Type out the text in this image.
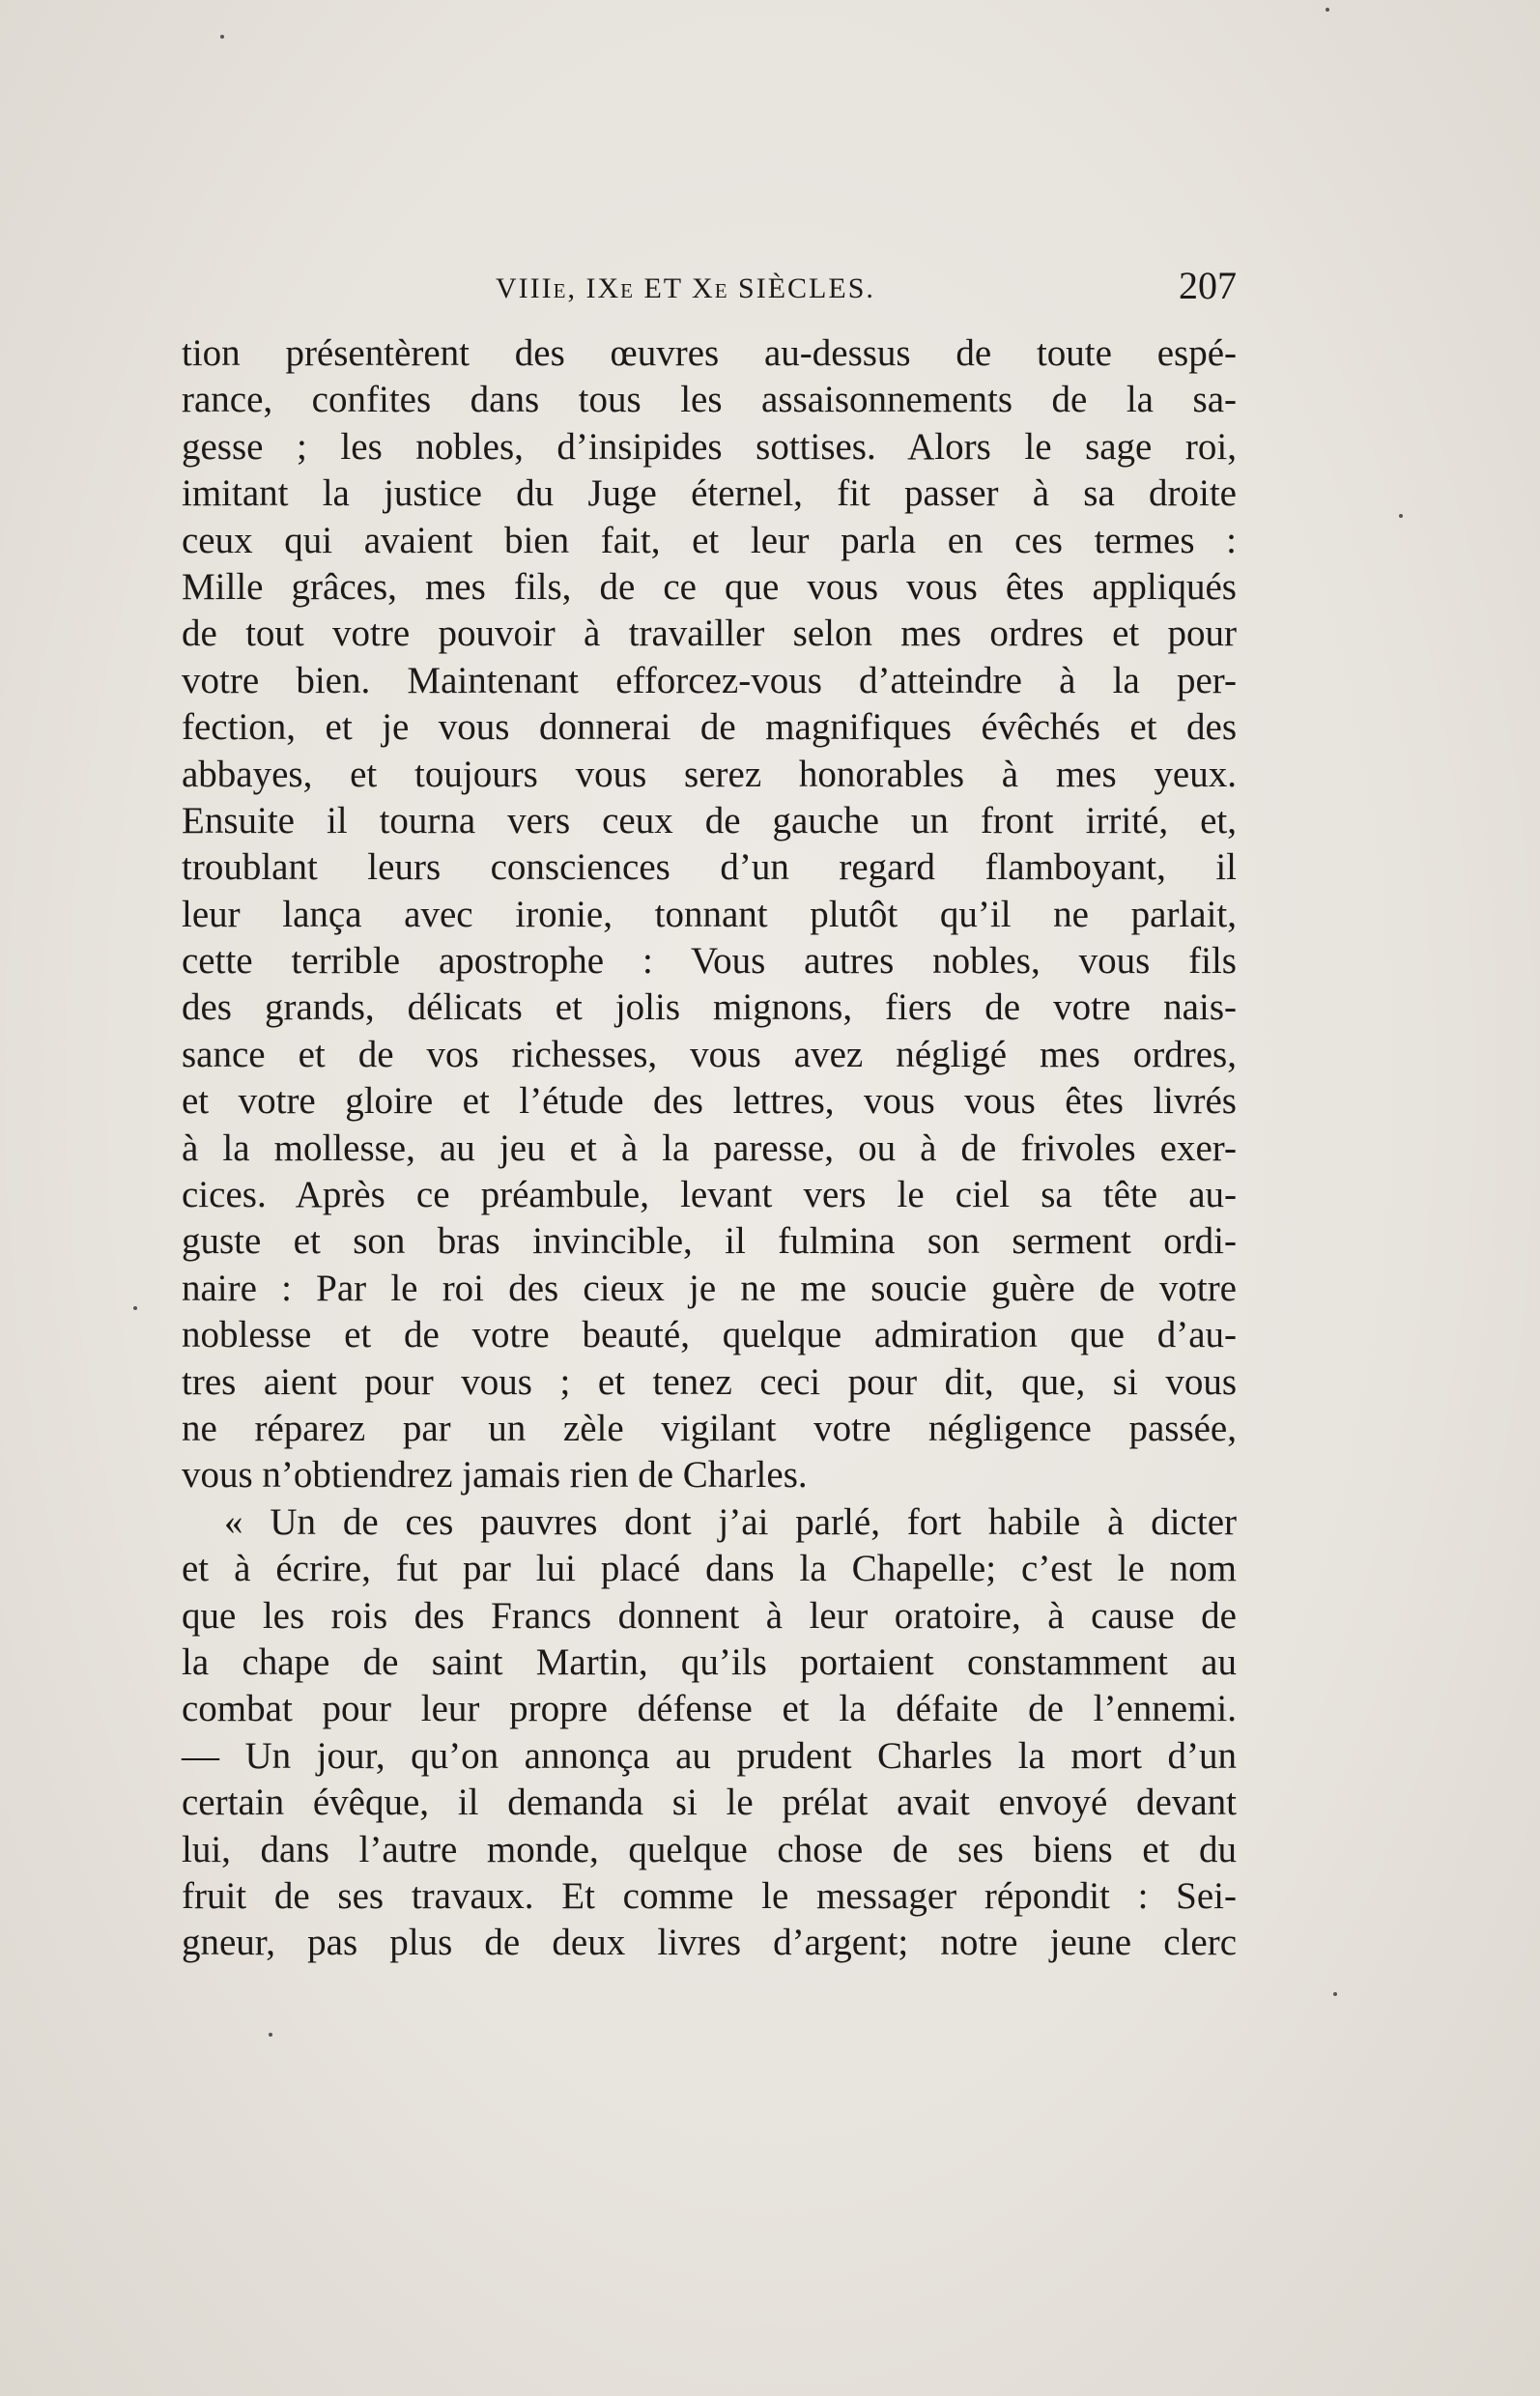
VIIIe, IXe ET Xe SIÈCLES.	207
tion présentèrent des œuvres au-dessus de toute espé-
rance, confites dans tous les assaisonnements de la sa-
gesse ; les nobles, d’insipides sottises. Alors le sage roi,
imitant la justice du Juge éternel, fit passer à sa droite
ceux qui avaient bien fait, et leur parla en ces termes :
Mille grâces, mes fils, de ce que vous vous êtes appliqués
de tout votre pouvoir à travailler selon mes ordres et pour
votre bien. Maintenant efforcez-vous d’atteindre à la per-
fection, et je vous donnerai de magnifiques évêchés et des
abbayes, et toujours vous serez honorables à mes yeux.
Ensuite il tourna vers ceux de gauche un front irrité, et,
troublant leurs consciences d’un regard flamboyant, il
leur lança avec ironie, tonnant plutôt qu’il ne parlait,
cette terrible apostrophe : Vous autres nobles, vous fils
des grands, délicats et jolis mignons, fiers de votre nais-
sance et de vos richesses, vous avez négligé mes ordres,
et votre gloire et l’étude des lettres, vous vous êtes livrés
à la mollesse, au jeu et à la paresse, ou à de frivoles exer-
cices. Après ce préambule, levant vers le ciel sa tête au-
guste et son bras invincible, il fulmina son serment ordi-
naire : Par le roi des cieux je ne me soucie guère de votre
noblesse et de votre beauté, quelque admiration que d’au-
tres aient pour vous ; et tenez ceci pour dit, que, si vous
ne réparez par un zèle vigilant votre négligence passée,
vous n’obtiendrez jamais rien de Charles.
« Un de ces pauvres dont j’ai parlé, fort habile à dicter
et à écrire, fut par lui placé dans la Chapelle; c’est le nom
que les rois des Francs donnent à leur oratoire, à cause de
la chape de saint Martin, qu’ils portaient constamment au
combat pour leur propre défense et la défaite de l’ennemi.
— Un jour, qu’on annonça au prudent Charles la mort d’un
certain évêque, il demanda si le prélat avait envoyé devant
lui, dans l’autre monde, quelque chose de ses biens et du
fruit de ses travaux. Et comme le messager répondit : Sei-
gneur, pas plus de deux livres d’argent; notre jeune clerc
